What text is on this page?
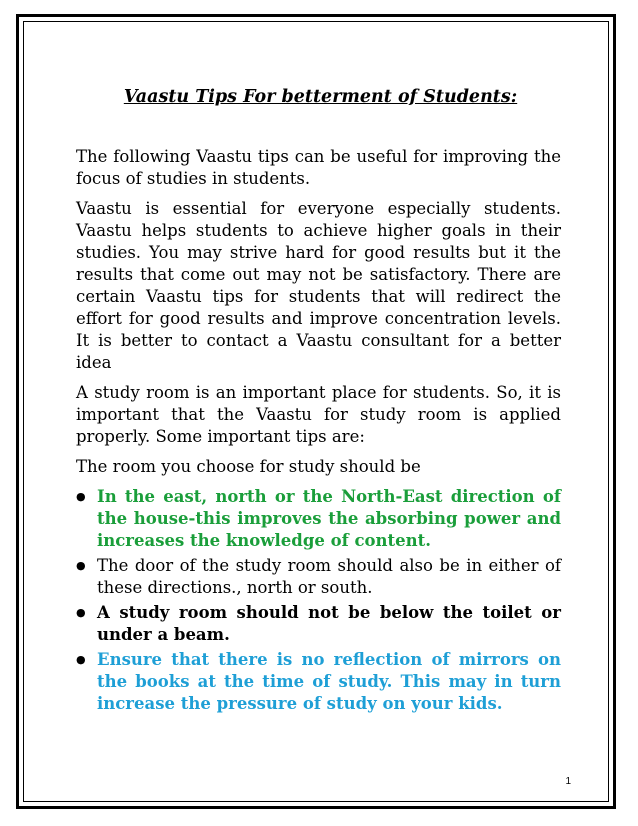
Vaastu Tips For betterment of Students:

The following Vaastu tips can be useful for improving the focus of studies in students.

Vaastu is essential for everyone especially students. Vaastu helps students to achieve higher goals in their studies. You may strive hard for good results but it the results that come out may not be satisfactory. There are certain Vaastu tips for students that will redirect the effort for good results and improve concentration levels. It is better to contact a Vaastu consultant for a better idea

A study room is an important place for students. So, it is important that the Vaastu for study room is applied properly. Some important tips are:

The room you choose for study should be

● In the east, north or the North-East direction of the house-this improves the absorbing power and increases the knowledge of content.
● The door of the study room should also be in either of these directions., north or south.
● A study room should not be below the toilet or under a beam.
● Ensure that there is no reflection of mirrors on the books at the time of study. This may in turn increase the pressure of study on your kids.
1
